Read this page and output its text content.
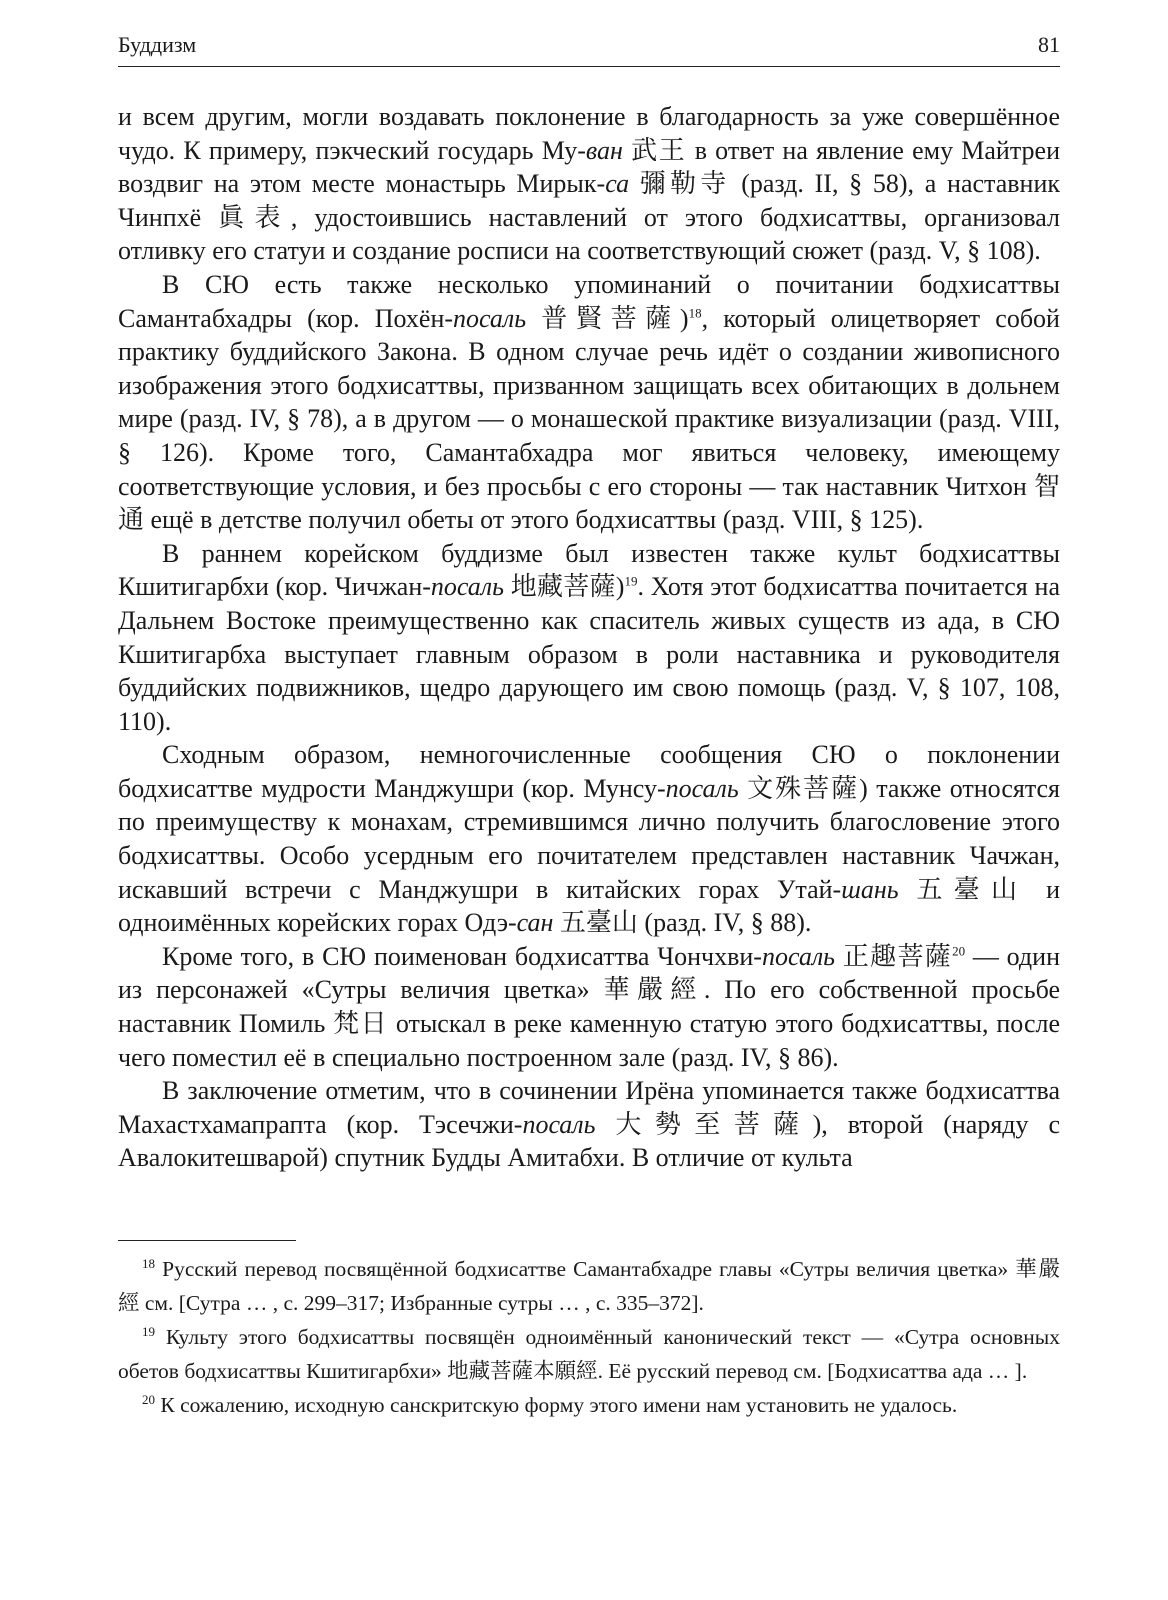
Буддизм	81

и всем другим, могли воздавать поклонение в благодарность за уже совершённое чудо. К примеру, пэкческий государь Му-ван 武王 в ответ на явление ему Майтреи воздвиг на этом месте монастырь Мирык-са 彌勒寺 (разд. II, § 58), а наставник Чинпхё 眞表, удостоившись наставлений от этого бодхисаттвы, организовал отливку его статуи и создание росписи на соответствующий сюжет (разд. V, § 108).

В СЮ есть также несколько упоминаний о почитании бодхисаттвы Самантабхадры (кор. Похён-посаль 普賢菩薩)$^{18}$, который олицетворяет собой практику буддийского Закона. В одном случае речь идёт о создании живописного изображения этого бодхисаттвы, призванном защищать всех обитающих в дольнем мире (разд. IV, § 78), а в другом — о монашеской практике визуализации (разд. VIII, § 126). Кроме того, Самантабхадра мог явиться человеку, имеющему соответствующие условия, и без просьбы с его стороны — так наставник Читхон 智通 ещё в детстве получил обеты от этого бодхисаттвы (разд. VIII, § 125).

В раннем корейском буддизме был известен также культ бодхисаттвы Кшитигарбхи (кор. Чичжан-посаль 地藏菩薩)$^{19}$. Хотя этот бодхисаттва почитается на Дальнем Востоке преимущественно как спаситель живых существ из ада, в СЮ Кшитигарбха выступает главным образом в роли наставника и руководителя буддийских подвижников, щедро дарующего им свою помощь (разд. V, § 107, 108, 110).

Сходным образом, немногочисленные сообщения СЮ о поклонении бодхисаттве мудрости Манджушри (кор. Мунсу-посаль 文殊菩薩) также относятся по преимуществу к монахам, стремившимся лично получить благословение этого бодхисаттвы. Особо усердным его почитателем представлен наставник Чачжан, искавший встречи с Манджушри в китайских горах Утай-шань 五臺山 и одноимённых корейских горах Одэ-сан 五臺山 (разд. IV, § 88).

Кроме того, в СЮ поименован бодхисаттва Чончхви-посаль 正趣菩薩$^{20}$ — один из персонажей «Сутры величия цветка» 華嚴經. По его собственной просьбе наставник Помиль 梵日 отыскал в реке каменную статую этого бодхисаттвы, после чего поместил её в специально построенном зале (разд. IV, § 86).

В заключение отметим, что в сочинении Ирёна упоминается также бодхисаттва Махастхамапрапта (кор. Тэсечжи-посаль 大勢至菩薩), второй (наряду с Авалокитешварой) спутник Будды Амитабхи. В отличие от культа

$^{18}$ Русский перевод посвящённой бодхисаттве Самантабхадре главы «Сутры величия цветка» 華嚴經 см. [Сутра … , с. 299–317; Избранные сутры … , с. 335–372].

$^{19}$ Культу этого бодхисаттвы посвящён одноимённый канонический текст — «Сутра основных обетов бодхисаттвы Кшитигарбхи» 地藏菩薩本願經. Её русский перевод см. [Бодхисаттва ада … ].

$^{20}$ К сожалению, исходную санскритскую форму этого имени нам установить не удалось.
